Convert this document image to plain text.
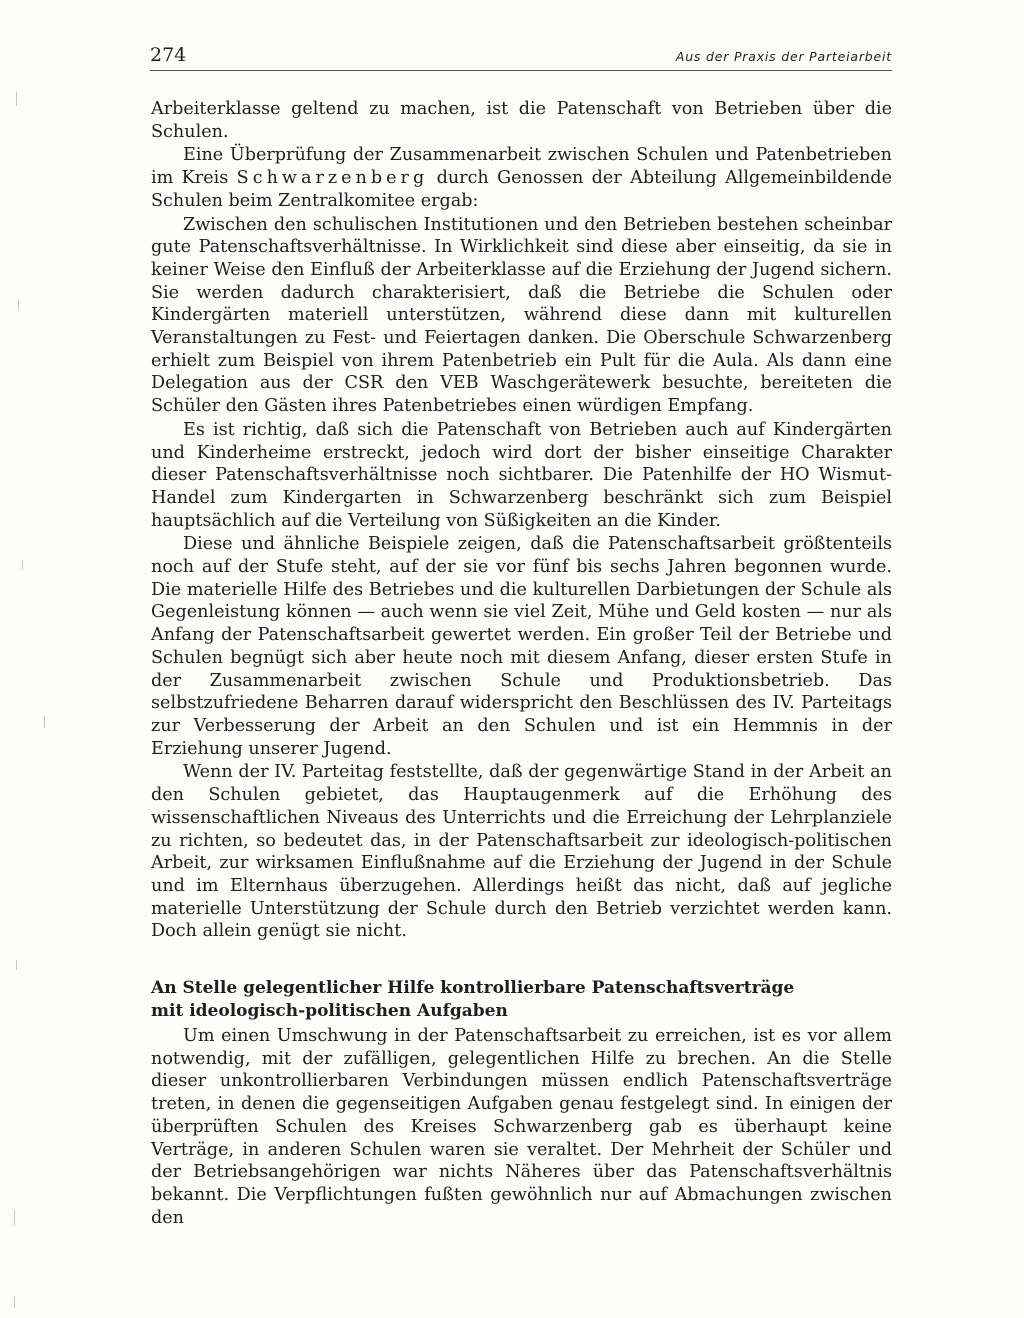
274	Aus der Praxis der Parteiarbeit

Arbeiterklasse geltend zu machen, ist die Patenschaft von Betrieben über die Schulen.

Eine Überprüfung der Zusammenarbeit zwischen Schulen und Patenbetrieben im Kreis Schwarzenberg durch Genossen der Abteilung Allgemeinbildende Schulen beim Zentralkomitee ergab:

Zwischen den schulischen Institutionen und den Betrieben bestehen scheinbar gute Patenschaftsverhältnisse. In Wirklichkeit sind diese aber einseitig, da sie in keiner Weise den Einfluß der Arbeiterklasse auf die Erziehung der Jugend sichern. Sie werden dadurch charakterisiert, daß die Betriebe die Schulen oder Kindergärten materiell unterstützen, während diese dann mit kulturellen Veranstaltungen zu Fest- und Feiertagen danken. Die Oberschule Schwarzenberg erhielt zum Beispiel von ihrem Patenbetrieb ein Pult für die Aula. Als dann eine Delegation aus der CSR den VEB Waschgerätewerk besuchte, bereiteten die Schüler den Gästen ihres Patenbetriebes einen würdigen Empfang.

Es ist richtig, daß sich die Patenschaft von Betrieben auch auf Kindergärten und Kinderheime erstreckt, jedoch wird dort der bisher einseitige Charakter dieser Patenschaftsverhältnisse noch sichtbarer. Die Patenhilfe der HO Wismut-Handel zum Kindergarten in Schwarzenberg beschränkt sich zum Beispiel hauptsächlich auf die Verteilung von Süßigkeiten an die Kinder.

Diese und ähnliche Beispiele zeigen, daß die Patenschaftsarbeit größtenteils noch auf der Stufe steht, auf der sie vor fünf bis sechs Jahren begonnen wurde. Die materielle Hilfe des Betriebes und die kulturellen Darbietungen der Schule als Gegenleistung können — auch wenn sie viel Zeit, Mühe und Geld kosten — nur als Anfang der Patenschaftsarbeit gewertet werden. Ein großer Teil der Betriebe und Schulen begnügt sich aber heute noch mit diesem Anfang, dieser ersten Stufe in der Zusammenarbeit zwischen Schule und Produktionsbetrieb. Das selbstzufriedene Beharren darauf widerspricht den Beschlüssen des IV. Parteitags zur Verbesserung der Arbeit an den Schulen und ist ein Hemmnis in der Erziehung unserer Jugend.

Wenn der IV. Parteitag feststellte, daß der gegenwärtige Stand in der Arbeit an den Schulen gebietet, das Hauptaugenmerk auf die Erhöhung des wissenschaftlichen Niveaus des Unterrichts und die Erreichung der Lehrplanziele zu richten, so bedeutet das, in der Patenschaftsarbeit zur ideologisch-politischen Arbeit, zur wirksamen Einflußnahme auf die Erziehung der Jugend in der Schule und im Elternhaus überzugehen. Allerdings heißt das nicht, daß auf jegliche materielle Unterstützung der Schule durch den Betrieb verzichtet werden kann. Doch allein genügt sie nicht.

An Stelle gelegentlicher Hilfe kontrollierbare Patenschaftsverträge
mit ideologisch-politischen Aufgaben

Um einen Umschwung in der Patenschaftsarbeit zu erreichen, ist es vor allem notwendig, mit der zufälligen, gelegentlichen Hilfe zu brechen. An die Stelle dieser unkontrollierbaren Verbindungen müssen endlich Patenschaftsverträge treten, in denen die gegenseitigen Aufgaben genau festgelegt sind. In einigen der überprüften Schulen des Kreises Schwarzenberg gab es überhaupt keine Verträge, in anderen Schulen waren sie veraltet. Der Mehrheit der Schüler und der Betriebsangehörigen war nichts Näheres über das Patenschaftsverhältnis bekannt. Die Verpflichtungen fußten gewöhnlich nur auf Abmachungen zwischen den
